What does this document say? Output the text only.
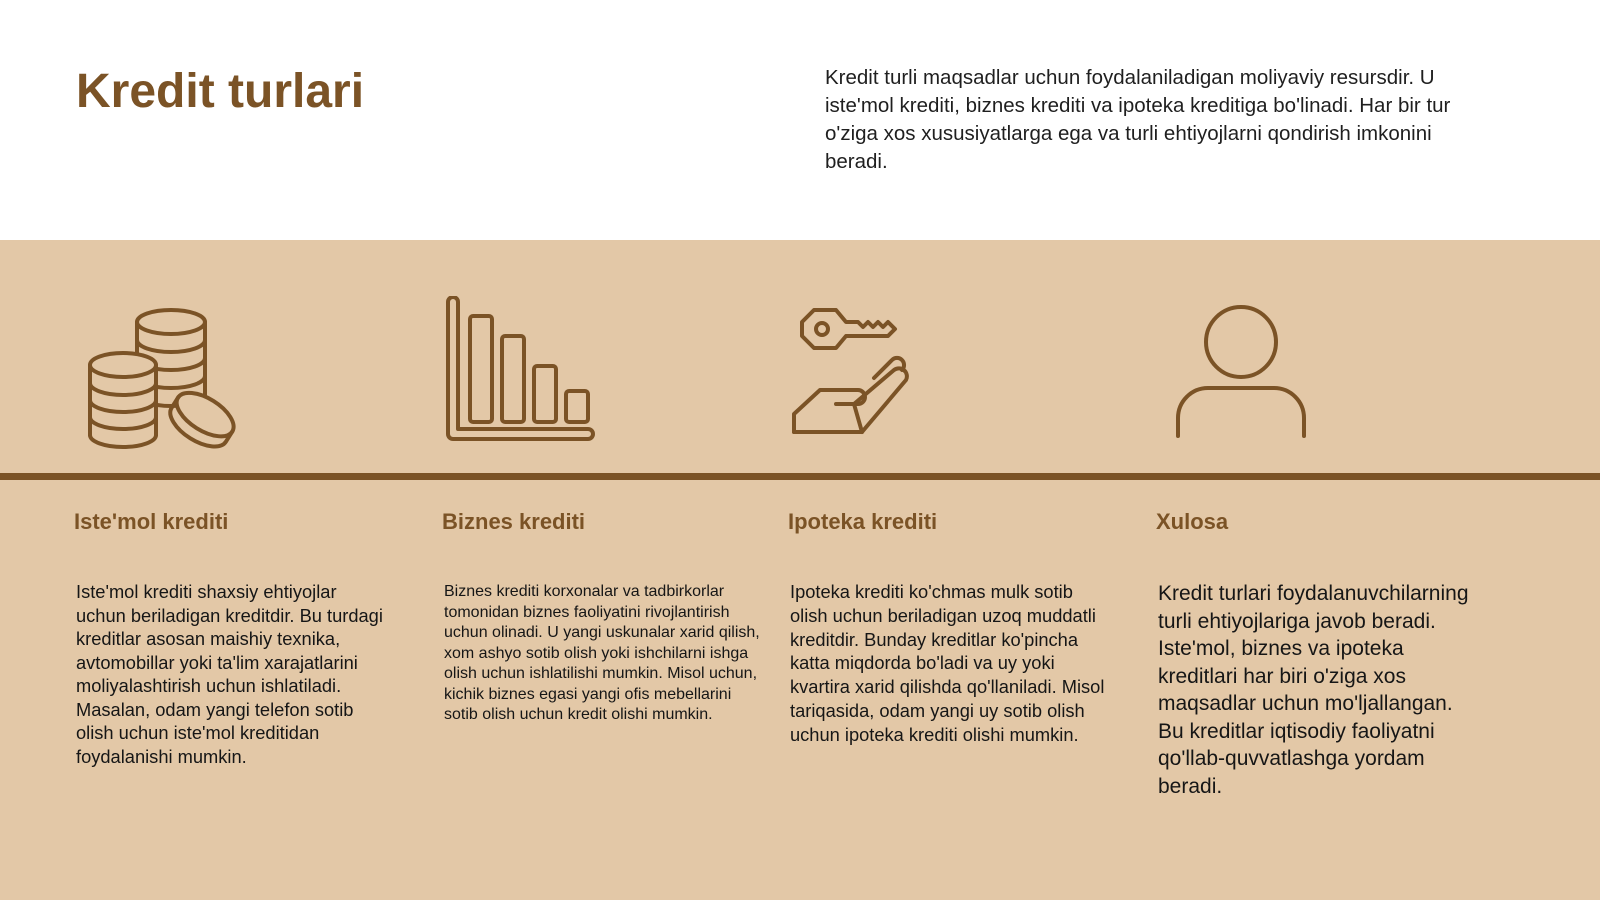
Kredit turlari	Kredit turli maqsadlar uchun foydalaniladigan moliyaviy resursdir. U iste'mol krediti, biznes krediti va ipoteka kreditiga bo'linadi. Har bir tur o'ziga xos xususiyatlarga ega va turli ehtiyojlarni qondirish imkonini beradi.

Iste'mol krediti	Biznes krediti	Ipoteka krediti	Xulosa

Iste'mol krediti shaxsiy ehtiyojlar uchun beriladigan kreditdir. Bu turdagi kreditlar asosan maishiy texnika, avtomobillar yoki ta'lim xarajatlarini moliyalashtirish uchun ishlatiladi. Masalan, odam yangi telefon sotib olish uchun iste'mol kreditidan foydalanishi mumkin.

Biznes krediti korxonalar va tadbirkorlar tomonidan biznes faoliyatini rivojlantirish uchun olinadi. U yangi uskunalar xarid qilish, xom ashyo sotib olish yoki ishchilarni ishga olish uchun ishlatilishi mumkin. Misol uchun, kichik biznes egasi yangi ofis mebellarini sotib olish uchun kredit olishi mumkin.

Ipoteka krediti ko'chmas mulk sotib olish uchun beriladigan uzoq muddatli kreditdir. Bunday kreditlar ko'pincha katta miqdorda bo'ladi va uy yoki kvartira xarid qilishda qo'llaniladi. Misol tariqasida, odam yangi uy sotib olish uchun ipoteka krediti olishi mumkin.

Kredit turlari foydalanuvchilarning turli ehtiyojlariga javob beradi. Iste'mol, biznes va ipoteka kreditlari har biri o'ziga xos maqsadlar uchun mo'ljallangan. Bu kreditlar iqtisodiy faoliyatni qo'llab-quvvatlashga yordam beradi.
